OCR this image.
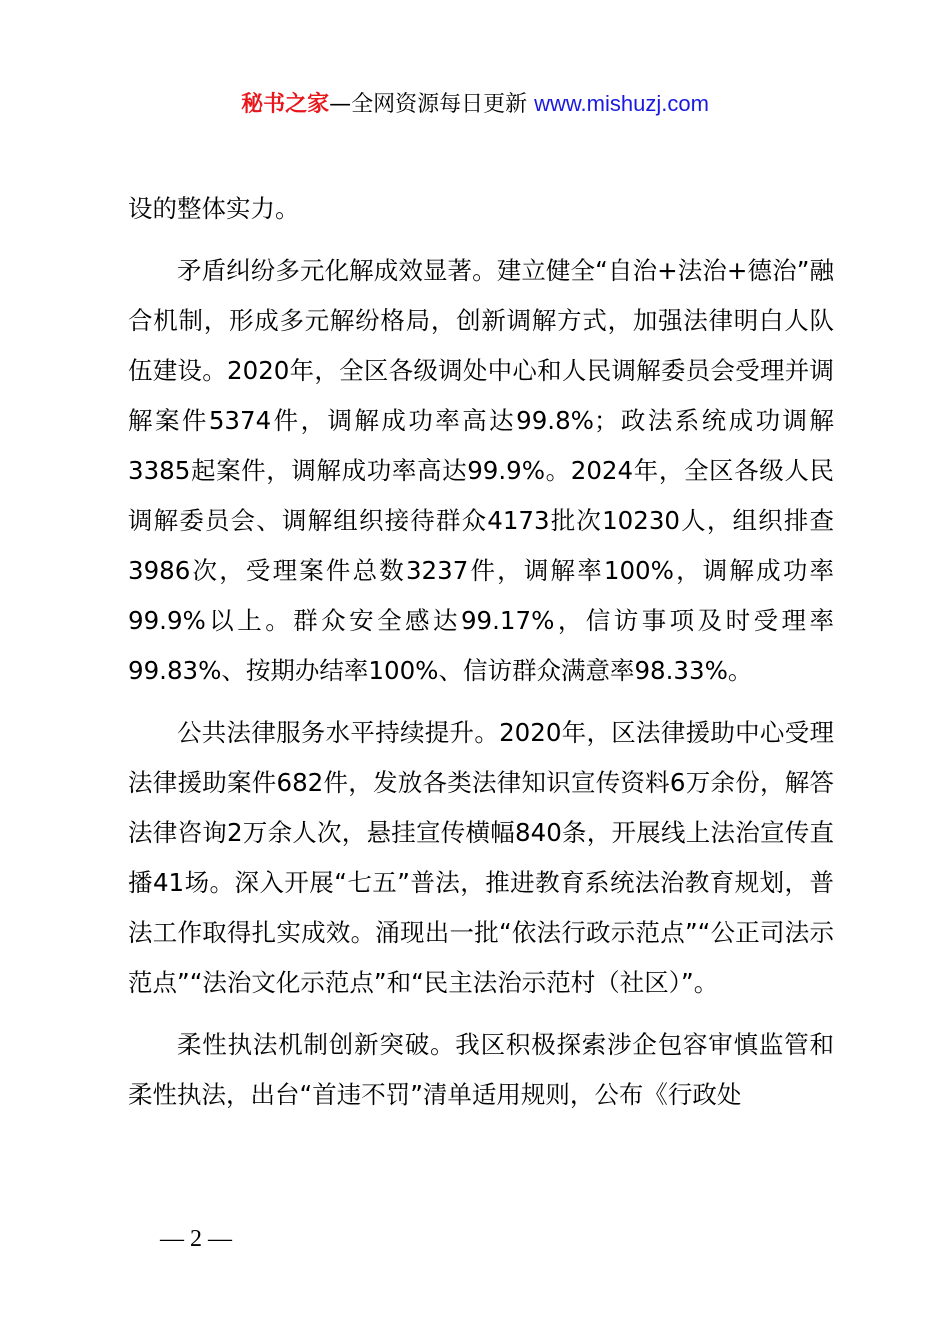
秘书之家—全网资源每日更新 www.mishuzj.com

设的整体实力。

矛盾纠纷多元化解成效显著。建立健全“自治+法治+德治”融合机制，形成多元解纷格局，创新调解方式，加强法律明白人队伍建设。2020年，全区各级调处中心和人民调解委员会受理并调解案件5374件，调解成功率高达99.8%；政法系统成功调解3385起案件，调解成功率高达99.9%。2024年，全区各级人民调解委员会、调解组织接待群众4173批次10230人，组织排查3986次，受理案件总数3237件，调解率100%，调解成功率99.9%以上。群众安全感达99.17%，信访事项及时受理率99.83%、按期办结率100%、信访群众满意率98.33%。

公共法律服务水平持续提升。2020年，区法律援助中心受理法律援助案件682件，发放各类法律知识宣传资料6万余份，解答法律咨询2万余人次，悬挂宣传横幅840条，开展线上法治宣传直播41场。深入开展“七五”普法，推进教育系统法治教育规划，普法工作取得扎实成效。涌现出一批“依法行政示范点”“公正司法示范点”“法治文化示范点”和“民主法治示范村（社区）”。

柔性执法机制创新突破。我区积极探索涉企包容审慎监管和柔性执法，出台“首违不罚”清单适用规则，公布《行政处

— 2 —
